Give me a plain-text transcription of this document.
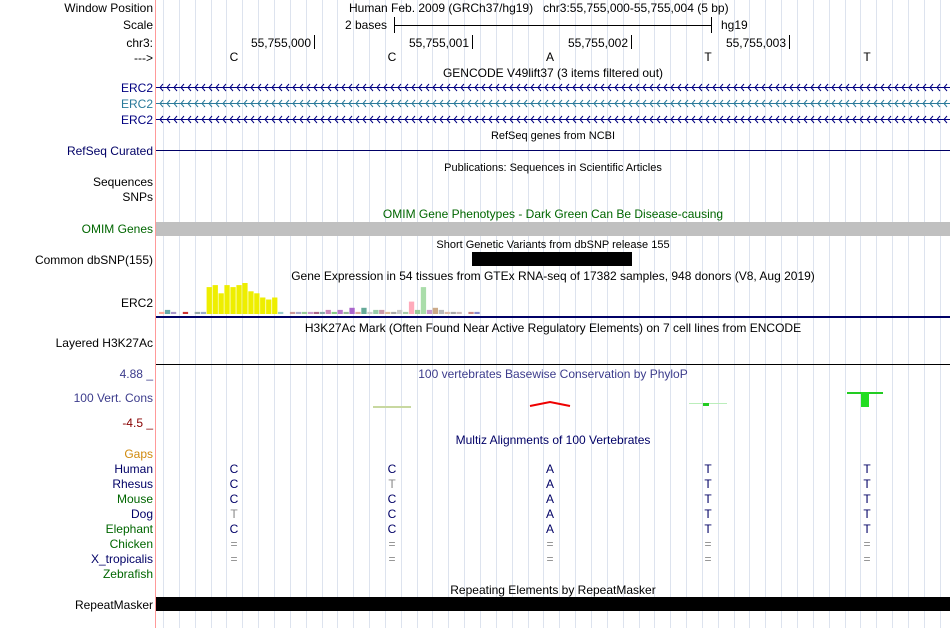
Window Position	Human Feb. 2009 (GRCh37/hg19)   chr3:55,755,000-55,755,004 (5 bp)
Scale	2 bases	hg19
chr3:	55,755,000	55,755,001	55,755,002	55,755,003
--->	C	C	A	T	T
GENCODE V49lift37 (3 items filtered out)
ERC2
ERC2
ERC2
RefSeq genes from NCBI
RefSeq Curated
Publications: Sequences in Scientific Articles
Sequences
SNPs
OMIM Gene Phenotypes - Dark Green Can Be Disease-causing
OMIM Genes
Short Genetic Variants from dbSNP release 155
Common dbSNP(155)
Gene Expression in 54 tissues from GTEx RNA-seq of 17382 samples, 948 donors (V8, Aug 2019)
ERC2
H3K27Ac Mark (Often Found Near Active Regulatory Elements) on 7 cell lines from ENCODE
Layered H3K27Ac
4.88 _	100 vertebrates Basewise Conservation by PhyloP
100 Vert. Cons
-4.5 _
Multiz Alignments of 100 Vertebrates
Gaps
Human	C	C	A	T	T
Rhesus	C	T	A	T	T
Mouse	C	C	A	T	T
Dog	T	C	A	T	T
Elephant	C	C	A	T	T
Chicken	=	=	=	=	=
X_tropicalis	=	=	=	=	=
Zebrafish
Repeating Elements by RepeatMasker
RepeatMasker
